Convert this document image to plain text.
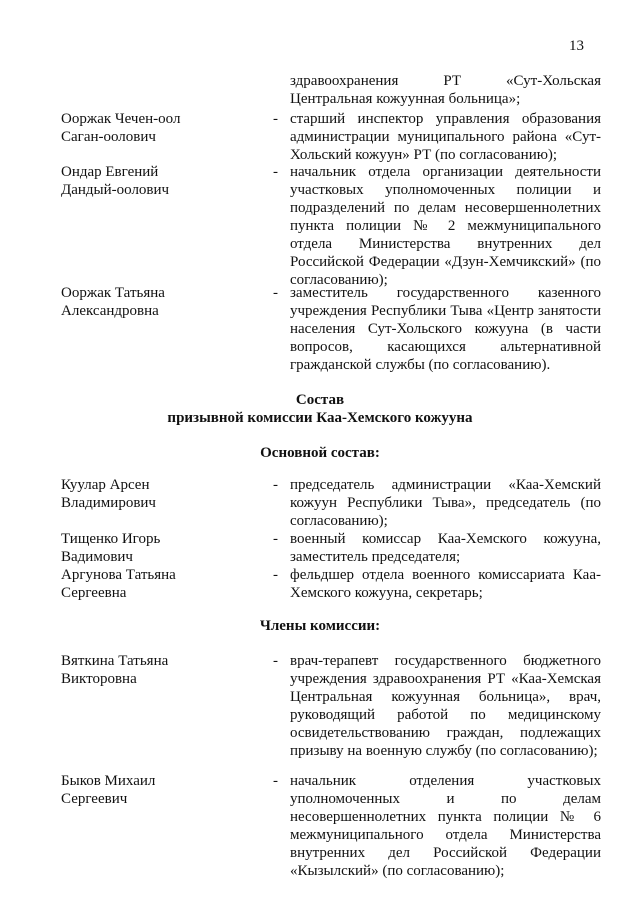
13
здравоохранения РТ «Сут-Хольская Центральная кожуунная больница»;
Ооржак Чечен-оол
Саган-оолович
- старший инспектор управления образования администрации муниципального района «Сут-Хольский кожуун» РТ (по согласованию);
Ондар Евгений
Дандый-оолович
- начальник отдела организации деятельности участковых уполномоченных полиции и подразделений по делам несовершеннолетних пункта полиции № 2 межмуниципального отдела Министерства внутренних дел Российской Федерации «Дзун-Хемчикский» (по согласованию);
Ооржак Татьяна
Александровна
- заместитель государственного казенного учреждения Республики Тыва «Центр занятости населения Сут-Хольского кожууна (в части вопросов, касающихся альтернативной гражданской службы (по согласованию).
Состав
призывной комиссии Каа-Хемского кожууна
Основной состав:
Куулар Арсен
Владимирович
- председатель администрации «Каа-Хемский кожуун Республики Тыва», председатель (по согласованию);
Тищенко Игорь
Вадимович
- военный комиссар Каа-Хемского кожууна, заместитель председателя;
Аргунова Татьяна
Сергеевна
- фельдшер отдела военного комиссариата Каа-Хемского кожууна, секретарь;
Члены комиссии:
Вяткина Татьяна
Викторовна
- врач-терапевт государственного бюджетного учреждения здравоохранения РТ «Каа-Хемская Центральная кожуунная больница», врач, руководящий работой по медицинскому освидетельствованию граждан, подлежащих призыву на военную службу (по согласованию);
Быков Михаил
Сергеевич
- начальник отделения участковых уполномоченных и по делам несовершеннолетних пункта полиции № 6 межмуниципального отдела Министерства внутренних дел Российской Федерации «Кызылский» (по согласованию);
